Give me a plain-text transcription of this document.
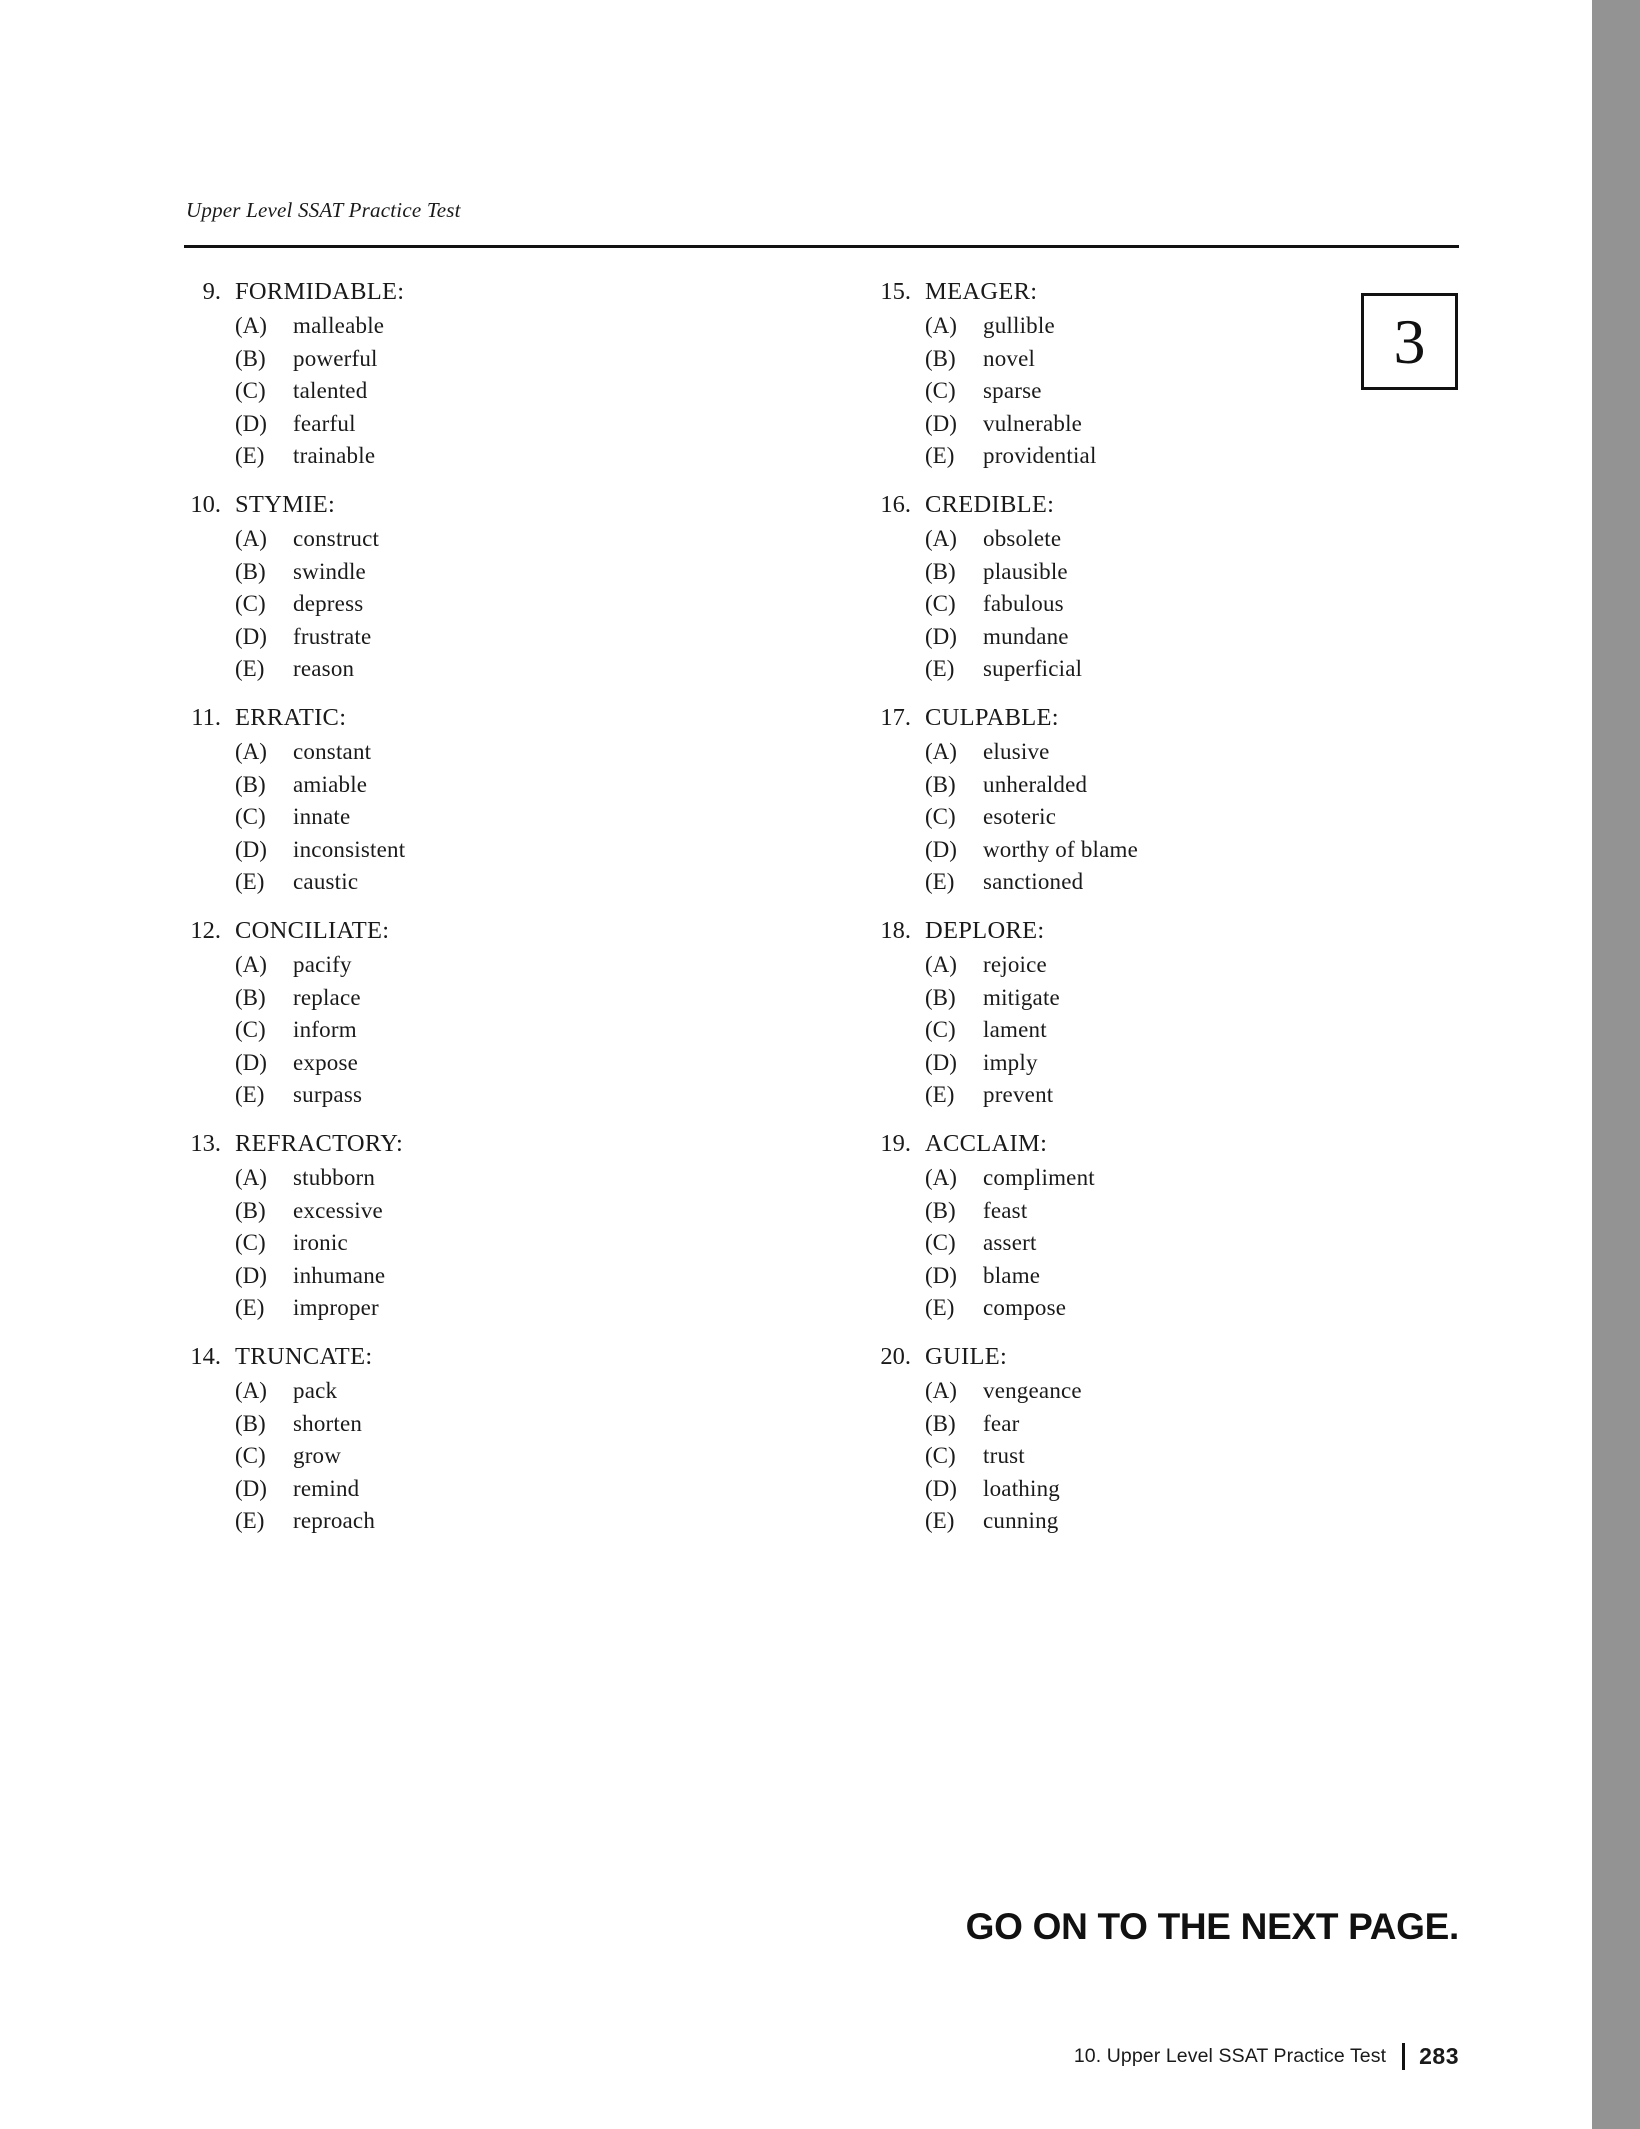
Upper Level SSAT Practice Test
3
9. FORMIDABLE:
(A)	malleable
(B)	powerful
(C)	talented
(D)	fearful
(E)	trainable
10. STYMIE:
(A)	construct
(B)	swindle
(C)	depress
(D)	frustrate
(E)	reason
11. ERRATIC:
(A)	constant
(B)	amiable
(C)	innate
(D)	inconsistent
(E)	caustic
12. CONCILIATE:
(A)	pacify
(B)	replace
(C)	inform
(D)	expose
(E)	surpass
13. REFRACTORY:
(A)	stubborn
(B)	excessive
(C)	ironic
(D)	inhumane
(E)	improper
14. TRUNCATE:
(A)	pack
(B)	shorten
(C)	grow
(D)	remind
(E)	reproach
15. MEAGER:
(A)	gullible
(B)	novel
(C)	sparse
(D)	vulnerable
(E)	providential
16. CREDIBLE:
(A)	obsolete
(B)	plausible
(C)	fabulous
(D)	mundane
(E)	superficial
17. CULPABLE:
(A)	elusive
(B)	unheralded
(C)	esoteric
(D)	worthy of blame
(E)	sanctioned
18. DEPLORE:
(A)	rejoice
(B)	mitigate
(C)	lament
(D)	imply
(E)	prevent
19. ACCLAIM:
(A)	compliment
(B)	feast
(C)	assert
(D)	blame
(E)	compose
20. GUILE:
(A)	vengeance
(B)	fear
(C)	trust
(D)	loathing
(E)	cunning
GO ON TO THE NEXT PAGE.
10. Upper Level SSAT Practice Test 283
